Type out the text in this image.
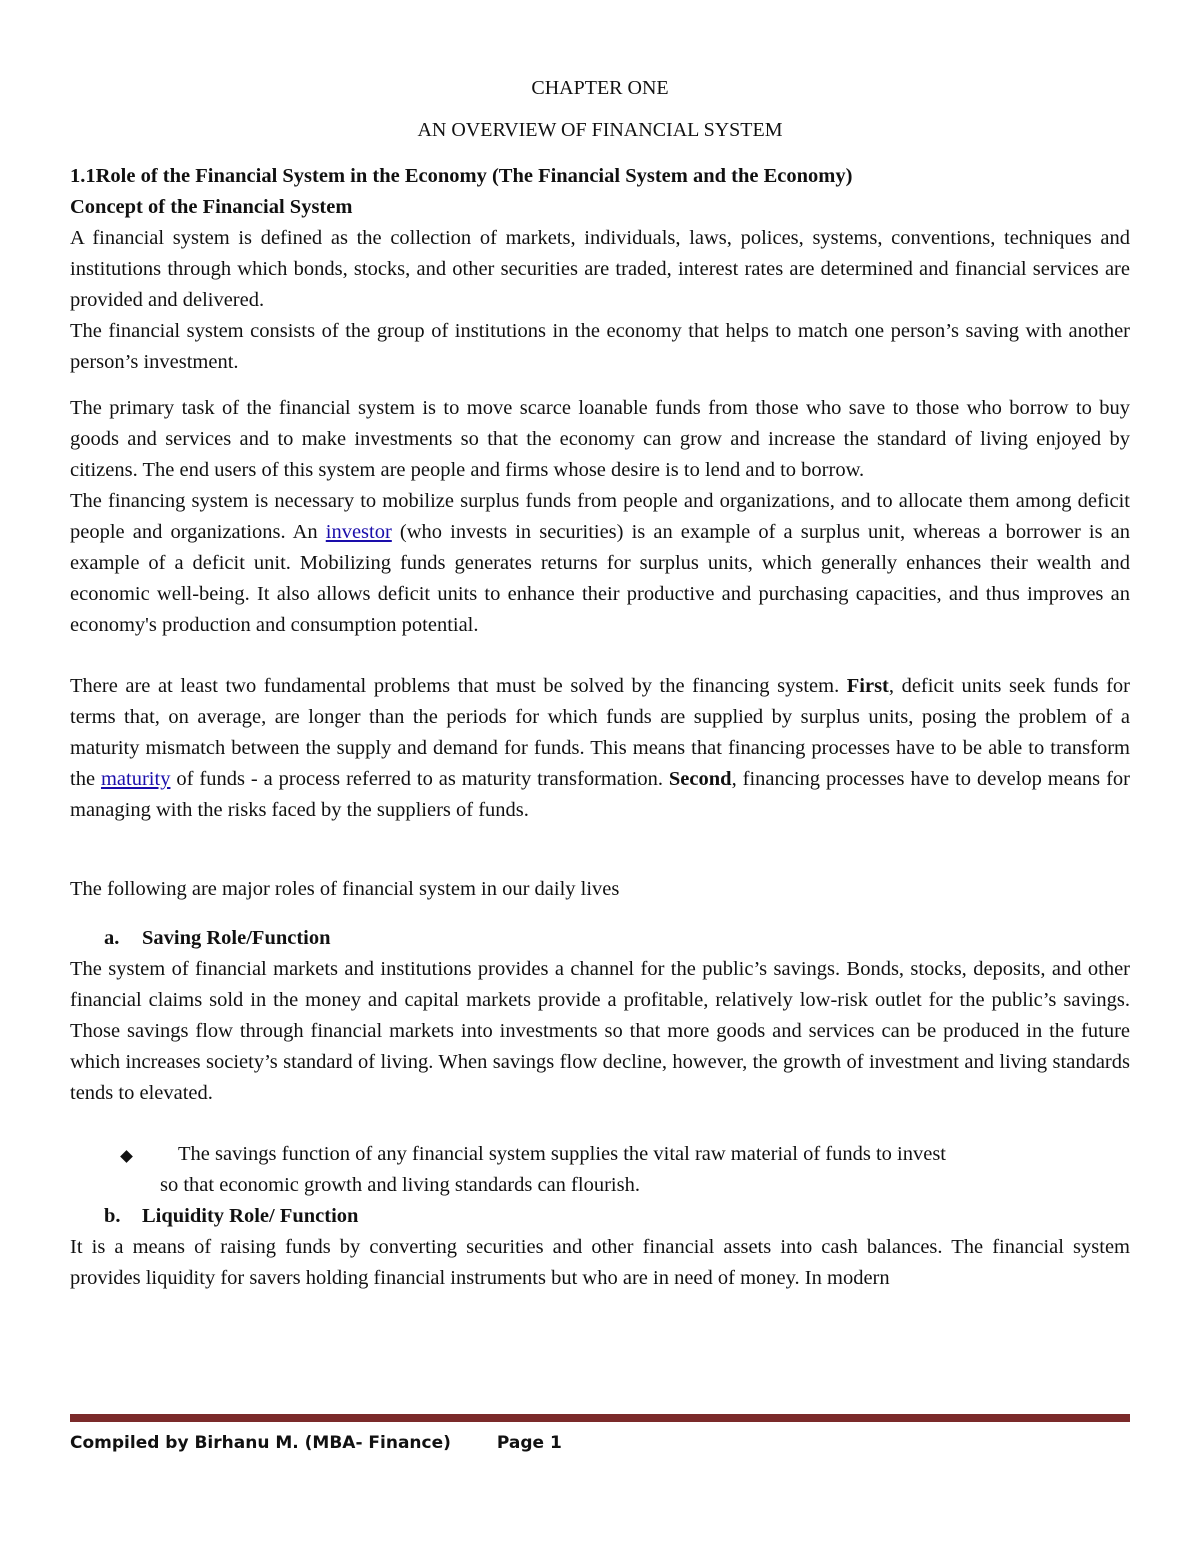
CHAPTER ONE
AN OVERVIEW OF FINANCIAL SYSTEM
1.1Role of the Financial System in the Economy (The Financial System and the Economy)
Concept of the Financial System

A financial system is defined as the collection of markets, individuals, laws, polices, systems, conventions, techniques and institutions through which bonds, stocks, and other securities are traded, interest rates are determined and financial services are provided and delivered.

The financial system consists of the group of institutions in the economy that helps to match one person’s saving with another person’s investment.

The primary task of the financial system is to move scarce loanable funds from those who save to those who borrow to buy goods and services and to make investments so that the economy can grow and increase the standard of living enjoyed by citizens. The end users of this system are people and firms whose desire is to lend and to borrow.

The financing system is necessary to mobilize surplus funds from people and organizations, and to allocate them among deficit people and organizations. An investor (who invests in securities) is an example of a surplus unit, whereas a borrower is an example of a deficit unit. Mobilizing funds generates returns for surplus units, which generally enhances their wealth and economic well-being. It also allows deficit units to enhance their productive and purchasing capacities, and thus improves an economy's production and consumption potential.

There are at least two fundamental problems that must be solved by the financing system. First, deficit units seek funds for terms that, on average, are longer than the periods for which funds are supplied by surplus units, posing the problem of a maturity mismatch between the supply and demand for funds. This means that financing processes have to be able to transform the maturity of funds - a process referred to as maturity transformation. Second, financing processes have to develop means for managing with the risks faced by the suppliers of funds.

The following are major roles of financial system in our daily lives

a. Saving Role/Function

The system of financial markets and institutions provides a channel for the public’s savings. Bonds, stocks, deposits, and other financial claims sold in the money and capital markets provide a profitable, relatively low-risk outlet for the public’s savings. Those savings flow through financial markets into investments so that more goods and services can be produced in the future which increases society’s standard of living. When savings flow decline, however, the growth of investment and living standards tends to elevated.

The savings function of any financial system supplies the vital raw material of funds to invest
so that economic growth and living standards can flourish.
b. Liquidity Role/ Function

It is a means of raising funds by converting securities and other financial assets into cash balances. The financial system provides liquidity for savers holding financial instruments but who are in need of money. In modern

Compiled by Birhanu M. (MBA- Finance)	Page 1
